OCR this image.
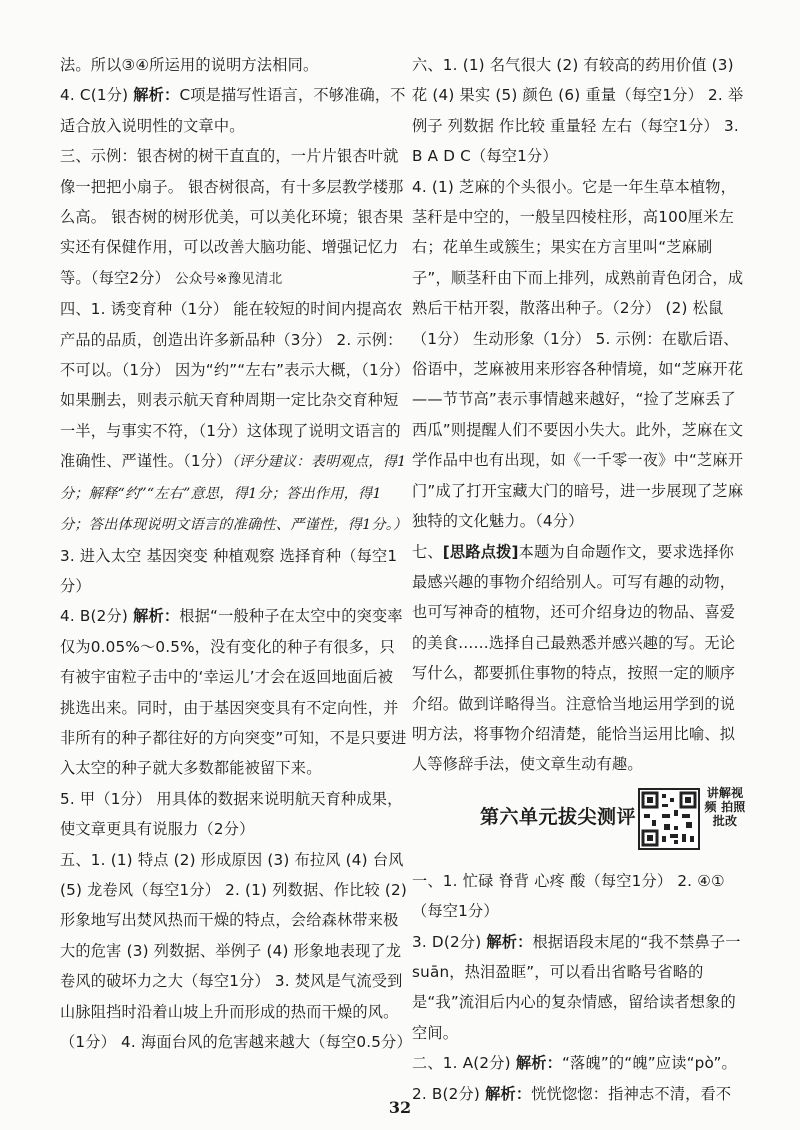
法。所以③④所运用的说明方法相同。

4. C(1分) 解析：C项是描写性语言，不够准确，不适合放入说明性的文章中。

三、示例：银杏树的树干直直的，一片片银杏叶就像一把把小扇子。 银杏树很高，有十多层教学楼那么高。 银杏树的树形优美，可以美化环境；银杏果实还有保健作用，可以改善大脑功能、增强记忆力等。（每空2分） 公众号※豫见清北

四、1. 诱变育种（1分） 能在较短的时间内提高农产品的品质，创造出许多新品种（3分） 2. 示例：不可以。（1分） 因为“约”“左右”表示大概，（1分）如果删去，则表示航天育种周期一定比杂交育种短一半，与事实不符，（1分）这体现了说明文语言的准确性、严谨性。（1分）（评分建议：表明观点，得1分；解释“约”“左右”意思，得1分；答出作用，得1分；答出体现说明文语言的准确性、严谨性，得1分。） 3. 进入太空 基因突变 种植观察 选择育种（每空1分）

4. B(2分) 解析：根据“一般种子在太空中的突变率仅为0.05%～0.5%，没有变化的种子有很多，只有被宇宙粒子击中的‘幸运儿’才会在返回地面后被挑选出来。同时，由于基因突变具有不定向性，并非所有的种子都往好的方向突变”可知，不是只要进入太空的种子就大多数都能被留下来。

5. 甲（1分） 用具体的数据来说明航天育种成果，使文章更具有说服力（2分）

五、1. (1) 特点 (2) 形成原因 (3) 布拉风 (4) 台风 (5) 龙卷风（每空1分） 2. (1) 列数据、作比较 (2) 形象地写出焚风热而干燥的特点，会给森林带来极大的危害 (3) 列数据、举例子 (4) 形象地表现了龙卷风的破坏力之大（每空1分） 3. 焚风是气流受到山脉阻挡时沿着山坡上升而形成的热而干燥的风。（1分） 4. 海面台风的危害越来越大（每空0.5分）

六、1. (1) 名气很大 (2) 有较高的药用价值 (3) 花 (4) 果实 (5) 颜色 (6) 重量（每空1分） 2. 举例子 列数据 作比较 重量轻 左右（每空1分） 3. B A D C（每空1分）

4. (1) 芝麻的个头很小。它是一年生草本植物，茎秆是中空的，一般呈四棱柱形，高100厘米左右；花单生或簇生；果实在方言里叫“芝麻刷子”，顺茎秆由下而上排列，成熟前青色闭合，成熟后干枯开裂，散落出种子。（2分） (2) 松鼠（1分） 生动形象（1分） 5. 示例：在歇后语、俗语中，芝麻被用来形容各种情境，如“芝麻开花——节节高”表示事情越来越好，“捡了芝麻丢了西瓜”则提醒人们不要因小失大。此外，芝麻在文学作品中也有出现，如《一千零一夜》中“芝麻开门”成了打开宝藏大门的暗号，进一步展现了芝麻独特的文化魅力。（4分）

七、[思路点拨]本题为自命题作文，要求选择你最感兴趣的事物介绍给别人。可写有趣的动物，也可写神奇的植物，还可介绍身边的物品、喜爱的美食……选择自己最熟悉并感兴趣的写。无论写什么，都要抓住事物的特点，按照一定的顺序介绍。做到详略得当。注意恰当地运用学到的说明方法，将事物介绍清楚，能恰当运用比喻、拟人等修辞手法，使文章生动有趣。

第六单元拔尖测评
讲解视频 拍照批改

一、1. 忙碌 脊背 心疼 酸（每空1分） 2. ④①（每空1分）

3. D(2分) 解析：根据语段末尾的“我不禁鼻子一suān，热泪盈眶”，可以看出省略号省略的是“我”流泪后内心的复杂情感，留给读者想象的空间。

二、1. A(2分) 解析：“落魄”的“魄”应读“pò”。

2. B(2分) 解析：恍恍惚惚：指神志不清，看不

32
